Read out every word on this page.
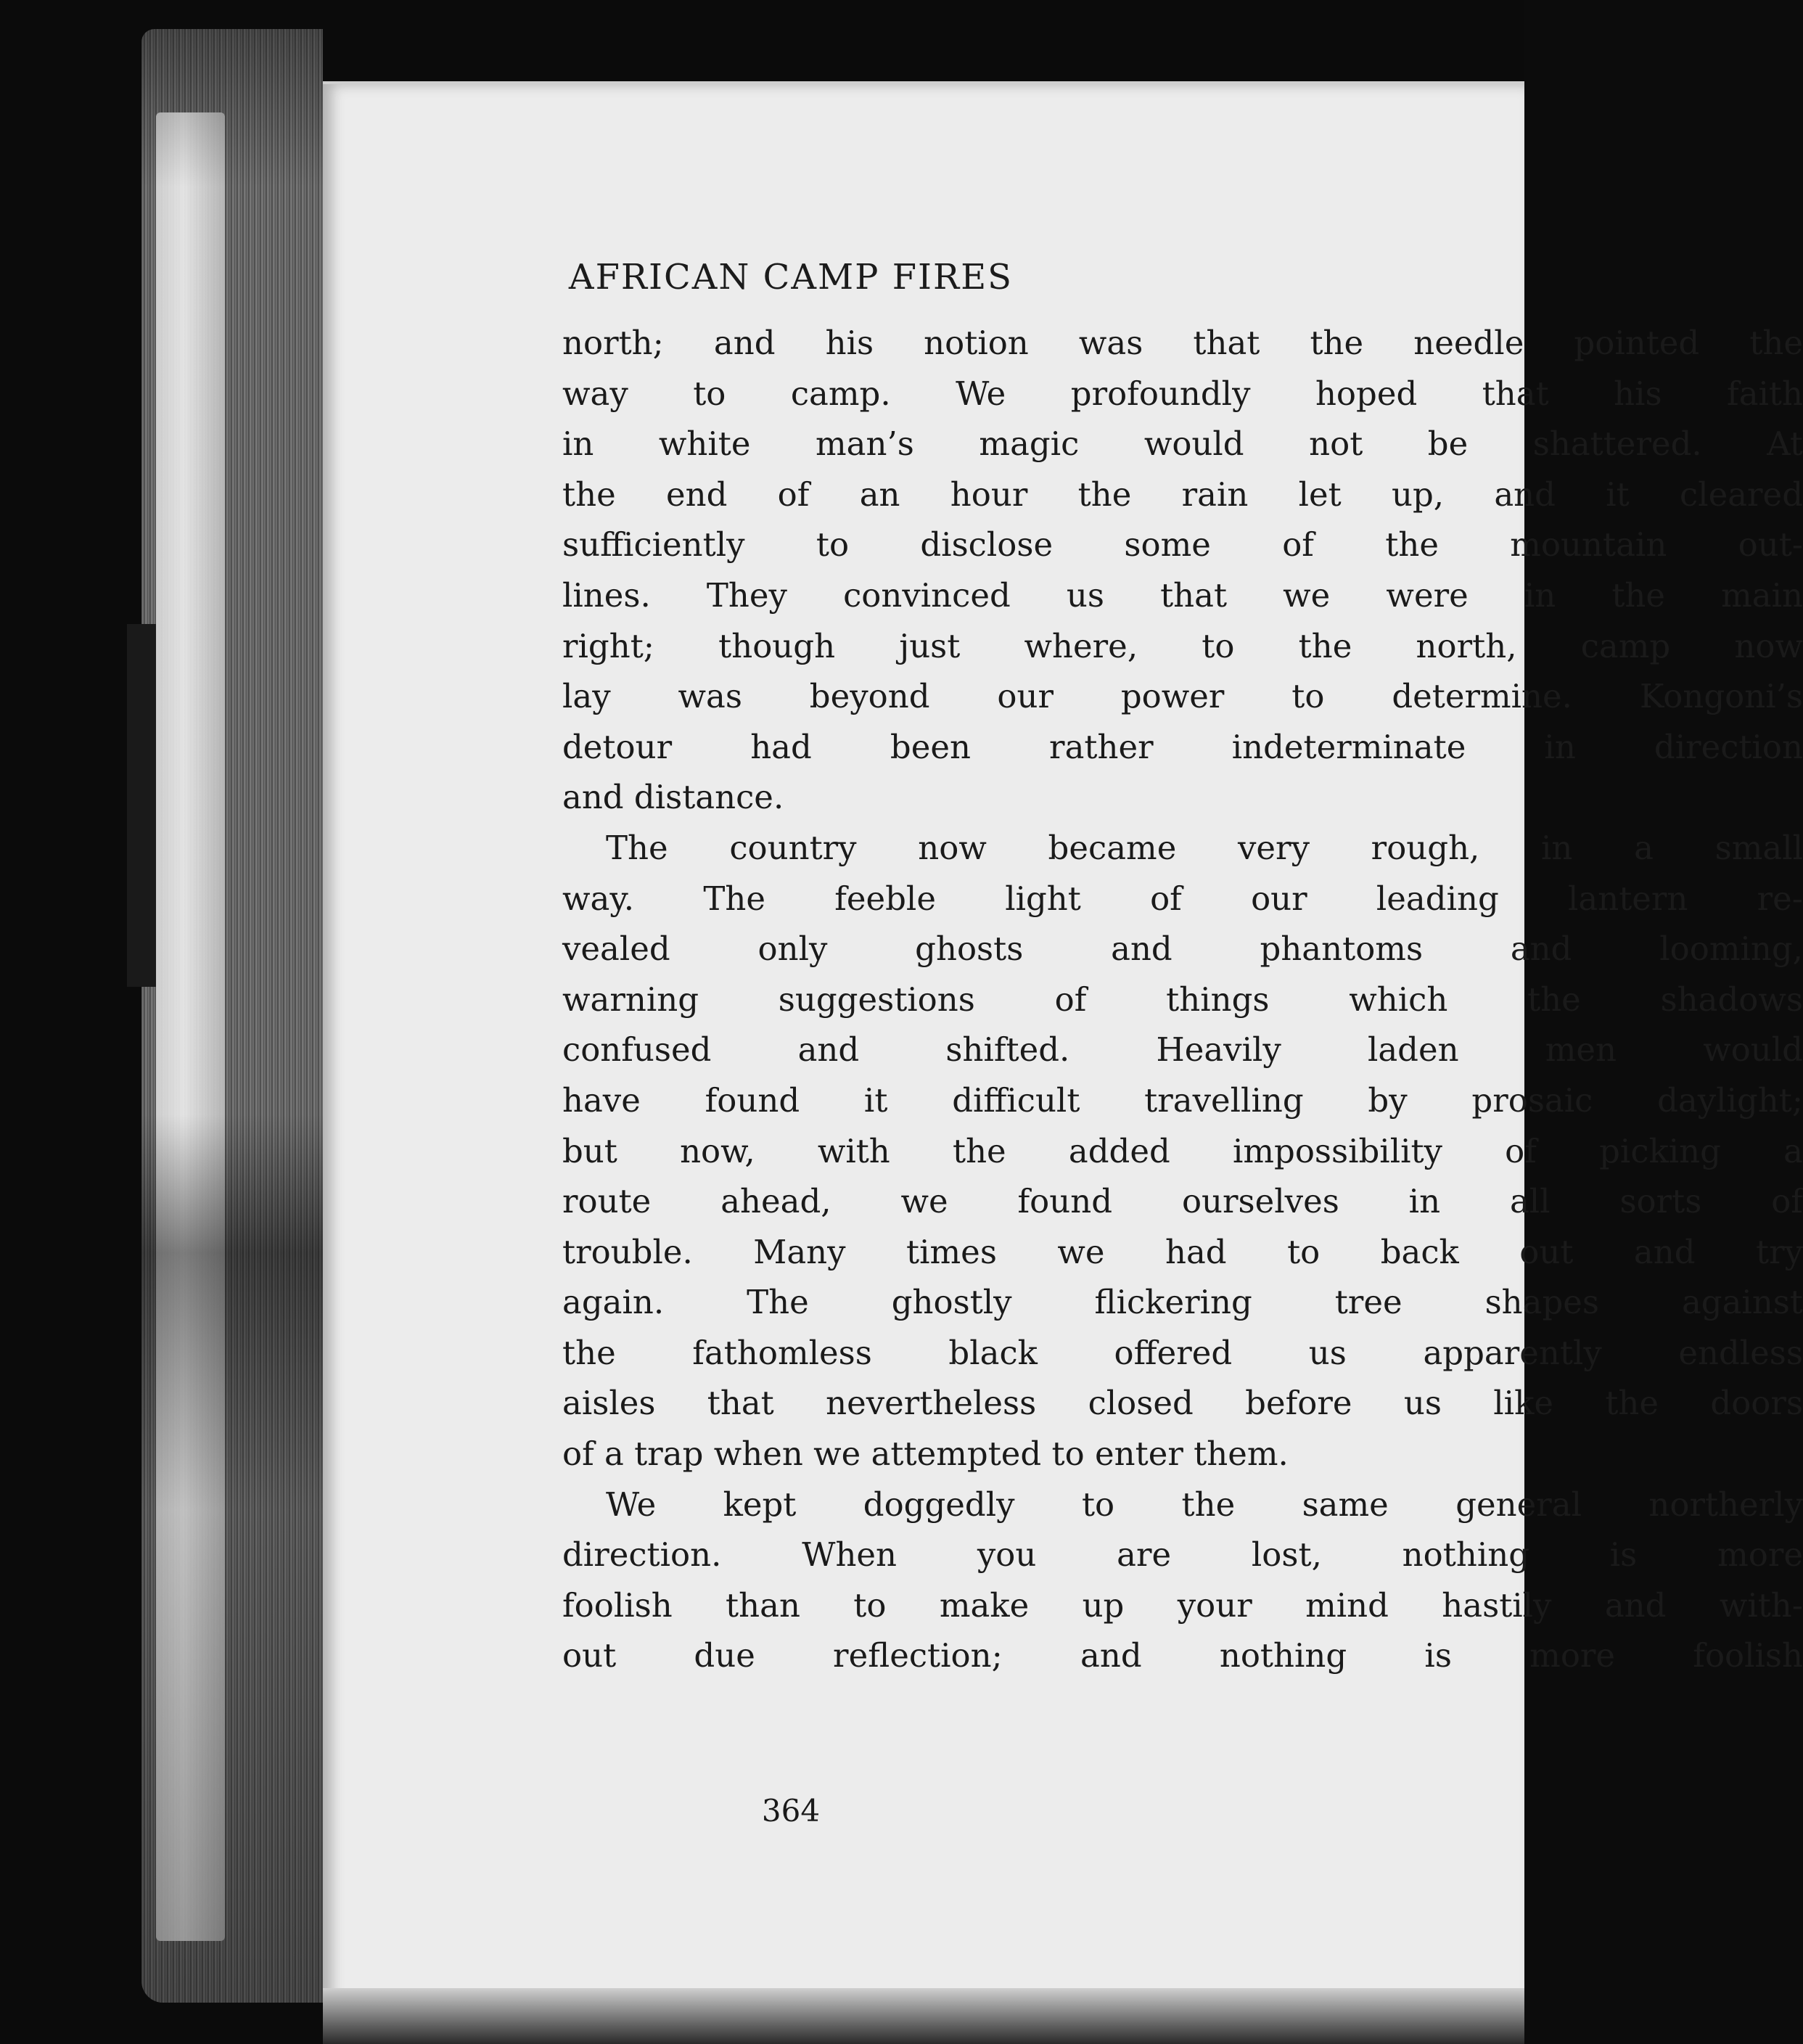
AFRICAN CAMP FIRES
north; and his notion was that the needle pointed the
way to camp. We profoundly hoped that his faith
in white man’s magic would not be shattered. At
the end of an hour the rain let up, and it cleared
sufficiently to disclose some of the mountain out-
lines. They convinced us that we were in the main
right; though just where, to the north, camp now
lay was beyond our power to determine. Kongoni’s
detour had been rather indeterminate in direction
and distance.
The country now became very rough, in a small
way. The feeble light of our leading lantern re-
vealed only ghosts and phantoms and looming,
warning suggestions of things which the shadows
confused and shifted. Heavily laden men would
have found it difficult travelling by prosaic daylight;
but now, with the added impossibility of picking a
route ahead, we found ourselves in all sorts of
trouble. Many times we had to back out and try
again. The ghostly flickering tree shapes against
the fathomless black offered us apparently endless
aisles that nevertheless closed before us like the doors
of a trap when we attempted to enter them.
We kept doggedly to the same general northerly
direction. When you are lost, nothing is more
foolish than to make up your mind hastily and with-
out due reflection; and nothing is more foolish
364
